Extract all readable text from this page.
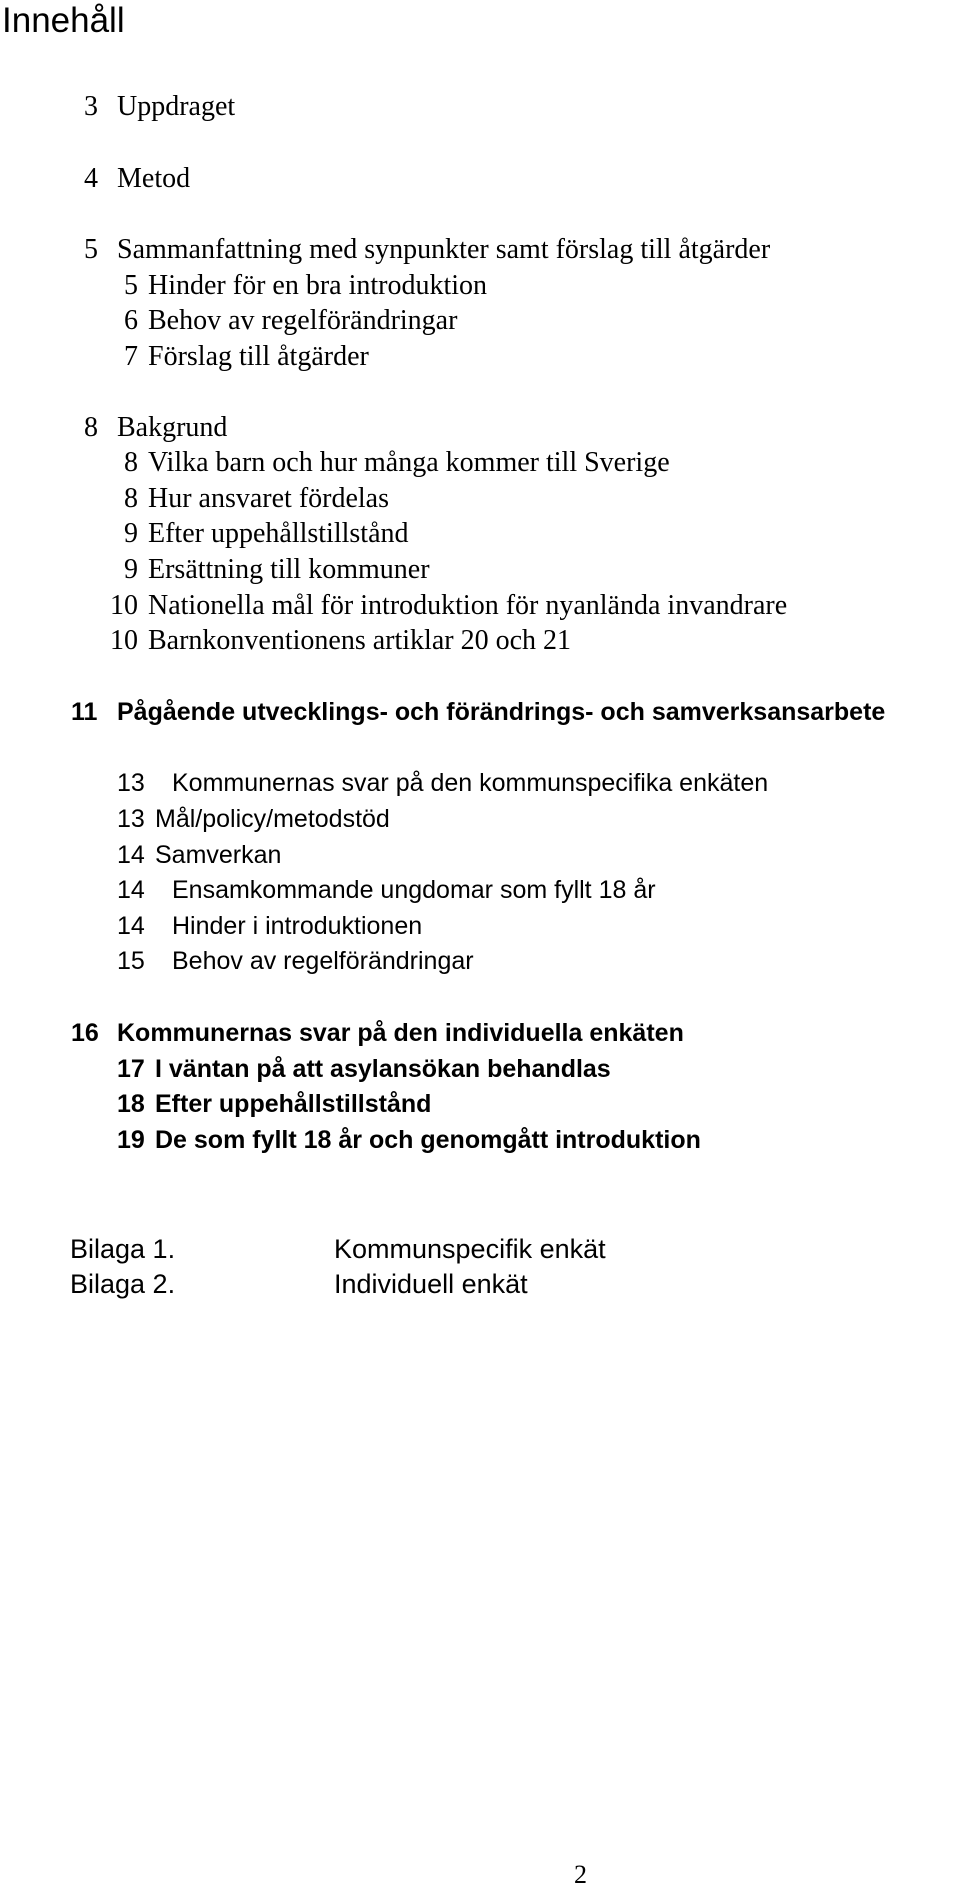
Innehåll
3 Uppdraget
4 Metod
5 Sammanfattning med synpunkter samt förslag till åtgärder
5 Hinder för en bra introduktion
6 Behov av regelförändringar
7 Förslag till åtgärder
8 Bakgrund
8 Vilka barn och hur många kommer till Sverige
8 Hur ansvaret fördelas
9 Efter uppehållstillstånd
9 Ersättning till kommuner
10 Nationella mål för introduktion för nyanlända invandrare
10 Barnkonventionens artiklar 20 och 21
11 Pågående utvecklings- och förändrings- och samverksansarbete
13 Kommunernas svar på den kommunspecifika enkäten
13 Mål/policy/metodstöd
14 Samverkan
14 Ensamkommande ungdomar som fyllt 18 år
14 Hinder i introduktionen
15 Behov av regelförändringar
16 Kommunernas svar på den individuella enkäten
17 I väntan på att asylansökan behandlas
18 Efter uppehållstillstånd
19 De som fyllt 18 år och genomgått introduktion
Bilaga 1.	Kommunspecifik enkät
Bilaga 2.	Individuell enkät
2
